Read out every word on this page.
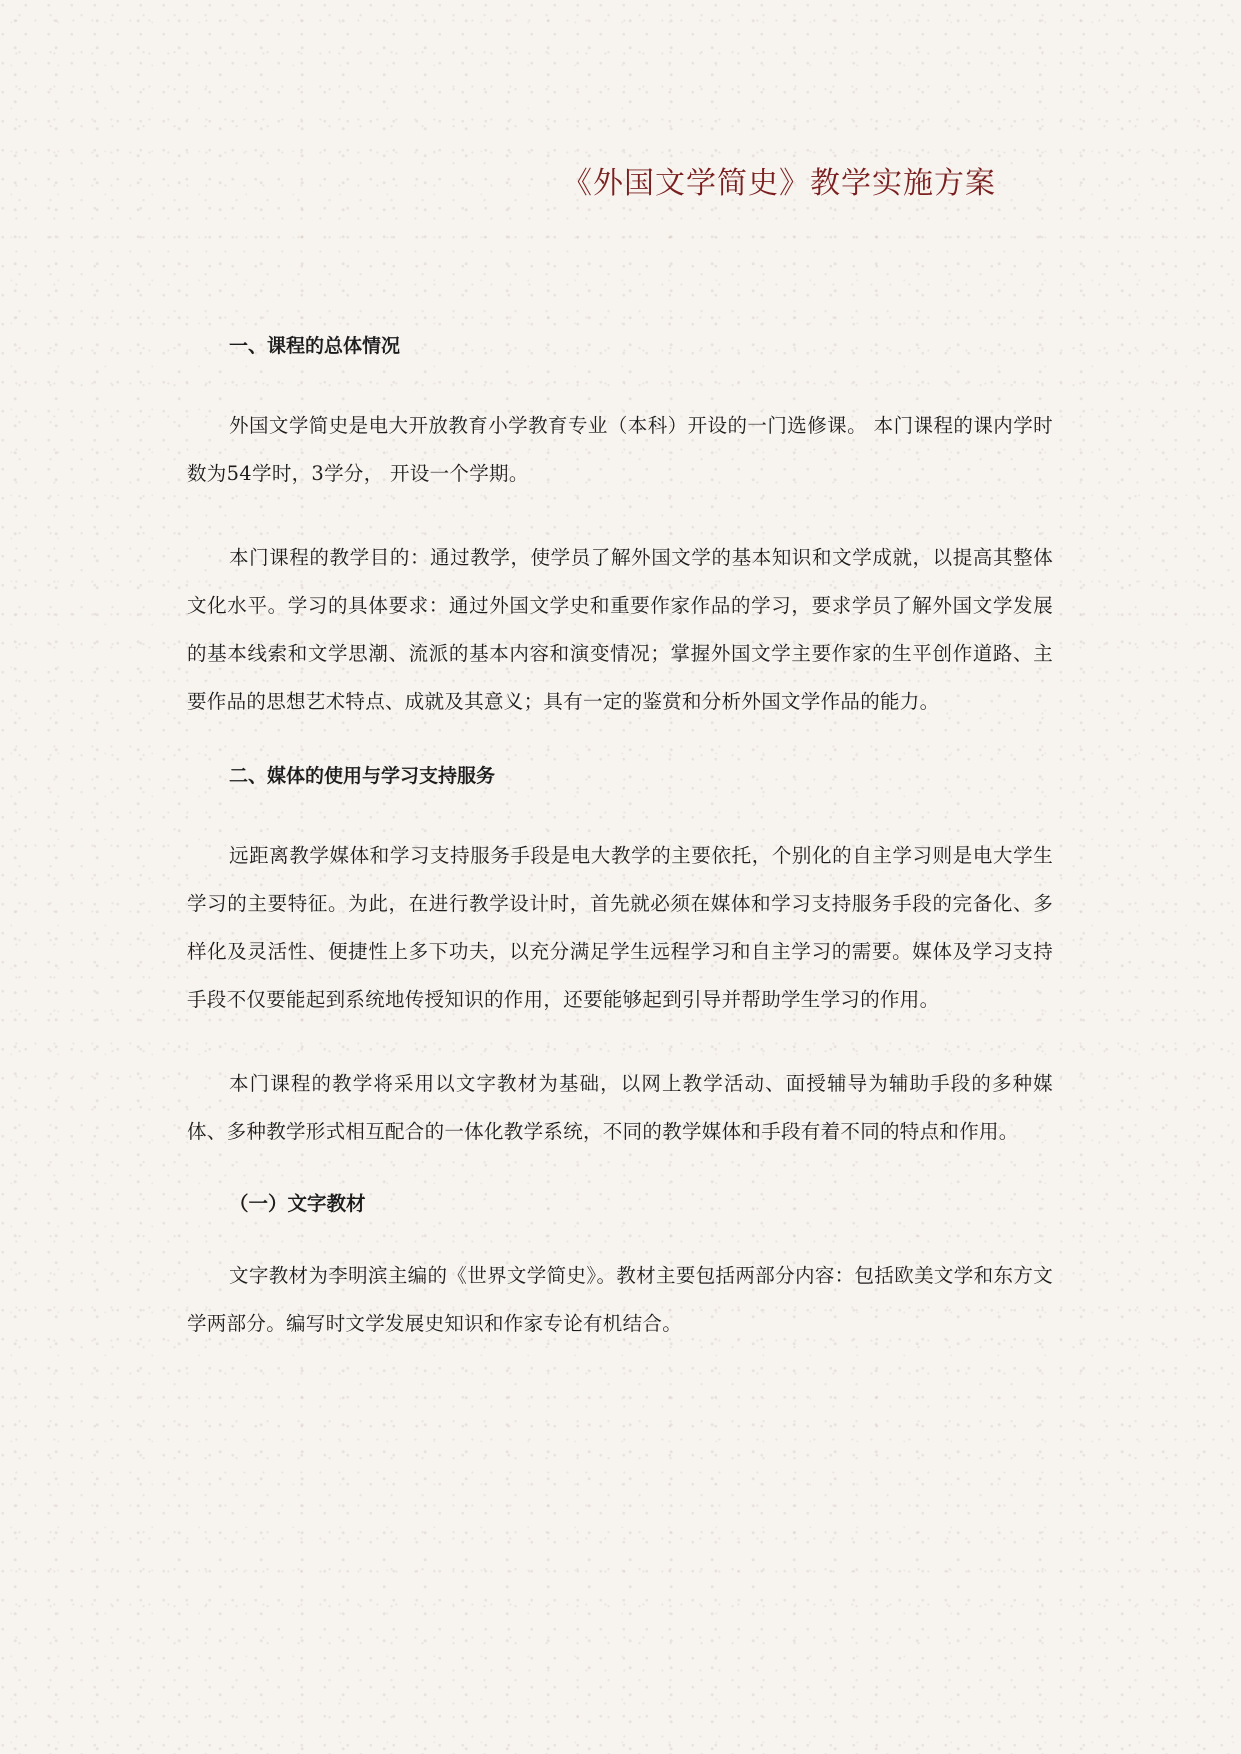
《外国文学简史》教学实施方案
一、课程的总体情况

外国文学简史是电大开放教育小学教育专业（本科）开设的一门选修课。 本门课程的课内学时数为54学时，3学分， 开设一个学期。

本门课程的教学目的：通过教学，使学员了解外国文学的基本知识和文学成就，以提高其整体文化水平。学习的具体要求：通过外国文学史和重要作家作品的学习，要求学员了解外国文学发展的基本线索和文学思潮、流派的基本内容和演变情况；掌握外国文学主要作家的生平创作道路、主要作品的思想艺术特点、成就及其意义；具有一定的鉴赏和分析外国文学作品的能力。

二、媒体的使用与学习支持服务

远距离教学媒体和学习支持服务手段是电大教学的主要依托，个别化的自主学习则是电大学生学习的主要特征。为此，在进行教学设计时，首先就必须在媒体和学习支持服务手段的完备化、多样化及灵活性、便捷性上多下功夫，以充分满足学生远程学习和自主学习的需要。媒体及学习支持手段不仅要能起到系统地传授知识的作用，还要能够起到引导并帮助学生学习的作用。

本门课程的教学将采用以文字教材为基础，以网上教学活动、面授辅导为辅助手段的多种媒体、多种教学形式相互配合的一体化教学系统，不同的教学媒体和手段有着不同的特点和作用。

（一）文字教材

文字教材为李明滨主编的《世界文学简史》。教材主要包括两部分内容：包括欧美文学和东方文学两部分。编写时文学发展史知识和作家专论有机结合。
